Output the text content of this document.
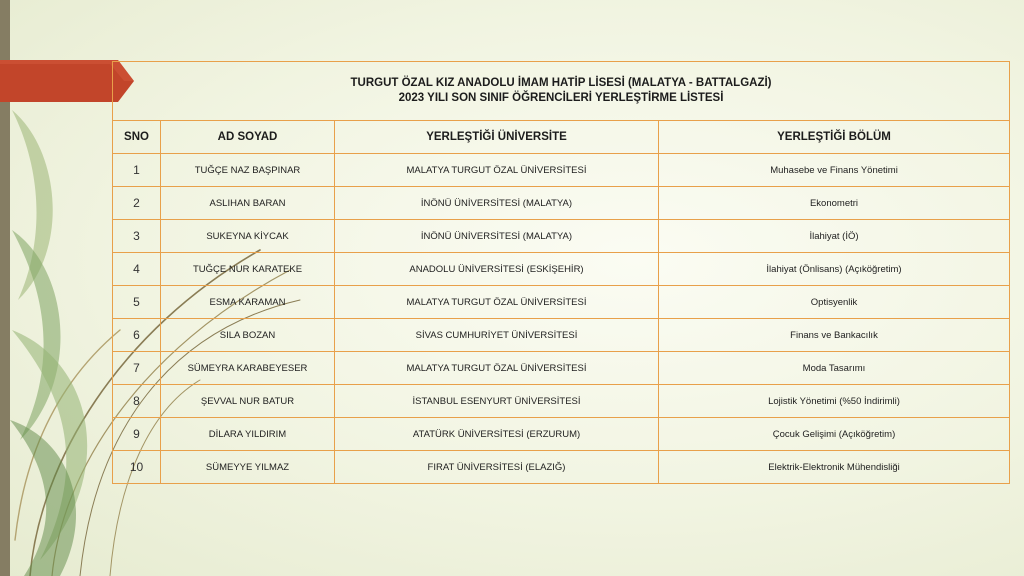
TURGUT ÖZAL KIZ ANADOLU İMAM HATİP LİSESİ (MALATYA - BATTALGAZİ)
2023 YILI SON SINIF ÖĞRENCİLERİ YERLEŞTİRME LİSTESİ			

SNO	AD SOYAD	YERLEŞTİĞİ ÜNİVERSİTE	YERLEŞTİĞİ BÖLÜM
1	TUĞÇE NAZ BAŞPINAR	MALATYA TURGUT ÖZAL ÜNİVERSİTESİ	Muhasebe ve Finans Yönetimi
2	ASLIHAN BARAN	İNÖNÜ ÜNİVERSİTESİ (MALATYA)	Ekonometri
3	SUKEYNA KİYCAK	İNÖNÜ ÜNİVERSİTESİ (MALATYA)	İlahiyat (İÖ)
4	TUĞÇE NUR KARATEKE	ANADOLU ÜNİVERSİTESİ (ESKİŞEHİR)	İlahiyat (Önlisans) (Açıköğretim)
5	ESMA KARAMAN	MALATYA TURGUT ÖZAL ÜNİVERSİTESİ	Optisyenlik
6	SILA BOZAN	SİVAS CUMHURİYET ÜNİVERSİTESİ	Finans ve Bankacılık
7	SÜMEYRA KARABEYESER	MALATYA TURGUT ÖZAL ÜNİVERSİTESİ	Moda Tasarımı
8	ŞEVVAL NUR BATUR	İSTANBUL ESENYURT ÜNİVERSİTESİ	Lojistik Yönetimi (%50 İndirimli)
9	DİLARA YILDIRIM	ATATÜRK ÜNİVERSİTESİ (ERZURUM)	Çocuk Gelişimi (Açıköğretim)
10	SÜMEYYE YILMAZ	FIRAT ÜNİVERSİTESİ (ELAZIĞ)	Elektrik-Elektronik Mühendisliği
